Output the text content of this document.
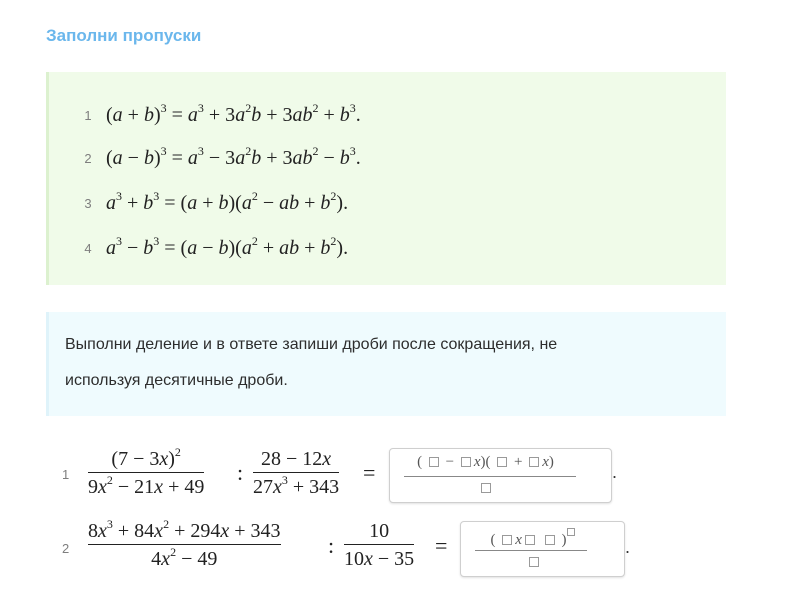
Заполни пропуски
1 $(a + b)^3 = a^3 + 3a^2b + 3ab^2 + b^3$.
2 $(a - b)^3 = a^3 - 3a^2b + 3ab^2 - b^3$.
3 $a^3 + b^3 = (a + b)(a^2$ − ab + $b^2$).
4 $a^3 - b^3 = (a - b)(a^2$ + ab + $b^2$).
Выполни деление и в ответе запиши дроби после сокращения, не
используя десятичные дроби.
1
$(7 - 3x)^2$
$9x^2 - 21x + 49$
:
28 − 12x
$27x^3 + 343$
=	(  − x)(  + x)	.
2
$8x^3 + 84x^2 + 294x + 343$
$4x^2 - 49$
:
10
10x − 35
=	( x  )	.
